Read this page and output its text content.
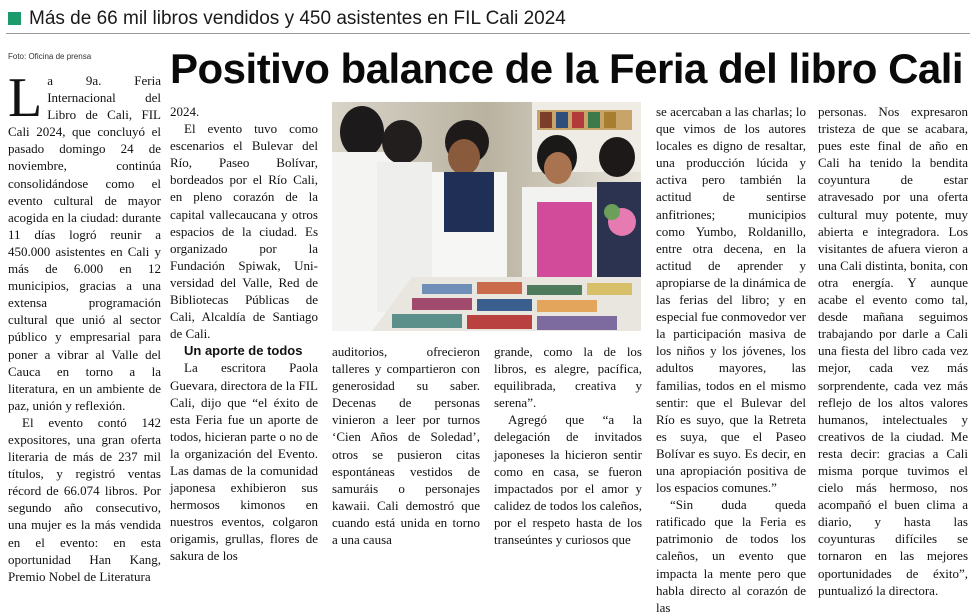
Más de 66 mil libros vendidos y 450 asistentes en FIL Cali 2024
Foto: Oficina de prensa Positivo balance de la Feria del libro Cali

La 9a. Feria Internacional del Libro de Cali, FIL Cali 2024, que concluyó el pasado domingo 24 de noviembre, continúa consolidándose como el evento cultural de mayor acogida en la ciudad: durante 11 días logró reunir a 450.000 asistentes en Cali y más de 6.000 en 12 municipios, gracias a una extensa programación cultural que unió al sector público y empresarial para poner a vibrar al Valle del Cauca en torno a la literatura, en un ambiente de paz, unión y reflexión.

El evento contó 142 expositores, una gran oferta literaria de más de 237 mil títulos, y registró ventas récord de 66.074 libros. Por segundo año consecutivo, una mujer es la más vendida en el evento: en esta oportunidad Han Kang, Premio Nobel de Literatura

2024.

El evento tuvo como escenarios el Bulevar del Río, Paseo Bolívar, bordeados por el Río Cali, en pleno corazón de la capital vallecaucana y otros espacios de la ciudad. Es organizado por la Fundación Spiwak, Uni-versidad del Valle, Red de Bibliotecas Públicas de Cali, Alcaldía de Santiago de Cali.

Un aporte de todos

La escritora Paola Guevara, directora de la FIL Cali, dijo que “el éxito de esta Feria fue un aporte de todos, hicieran parte o no de la organización del Evento. Las damas de la comunidad japonesa exhibieron sus hermosos kimonos en nuestros eventos, colgaron origamis, grullas, flores de sakura de los

auditorios, ofrecieron talleres y compartieron con generosidad su saber. Decenas de personas vinieron a leer por turnos ‘Cien Años de Soledad’, otros se pusieron citas espontáneas vestidos de samuráis o personajes kawaii. Cali demostró que cuando está unida en torno a una causa

grande, como la de los libros, es alegre, pacífica, equilibrada, creativa y serena”.

Agregó que “a la delegación de invitados japoneses la hicieron sentir como en casa, se fueron impactados por el amor y calidez de todos los caleños, por el respeto hasta de los transeúntes y curiosos que

se acercaban a las charlas; lo que vimos de los autores locales es digno de resaltar, una producción lúcida y activa pero también la actitud de sentirse anfitriones; municipios como Yumbo, Roldanillo, entre otra decena, en la actitud de aprender y apropiarse de la dinámica de las ferias del libro; y en especial fue conmovedor ver la participación masiva de los niños y los jóvenes, los adultos mayores, las familias, todos en el mismo sentir: que el Bulevar del Río es suyo, que la Retreta es suya, que el Paseo Bolívar es suyo. Es decir, en una apropiación positiva de los espacios comunes.”

“Sin duda queda ratificado que la Feria es patrimonio de todos los caleños, un evento que impacta la mente pero que habla directo al corazón de las

personas. Nos expresaron tristeza de que se acabara, pues este final de año en Cali ha tenido la bendita coyuntura de estar atravesado por una oferta cultural muy potente, muy abierta e integradora. Los visitantes de afuera vieron a una Cali distinta, bonita, con otra energía. Y aunque acabe el evento como tal, desde mañana seguimos trabajando por darle a Cali una fiesta del libro cada vez mejor, cada vez más sorprendente, cada vez más reflejo de los altos valores humanos, intelectuales y creativos de la ciudad. Me resta decir: gracias a Cali misma porque tuvimos el cielo más hermoso, nos acompañó el buen clima a diario, y hasta las coyunturas difíciles se tornaron en las mejores oportunidades de éxito”, puntualizó la directora.
